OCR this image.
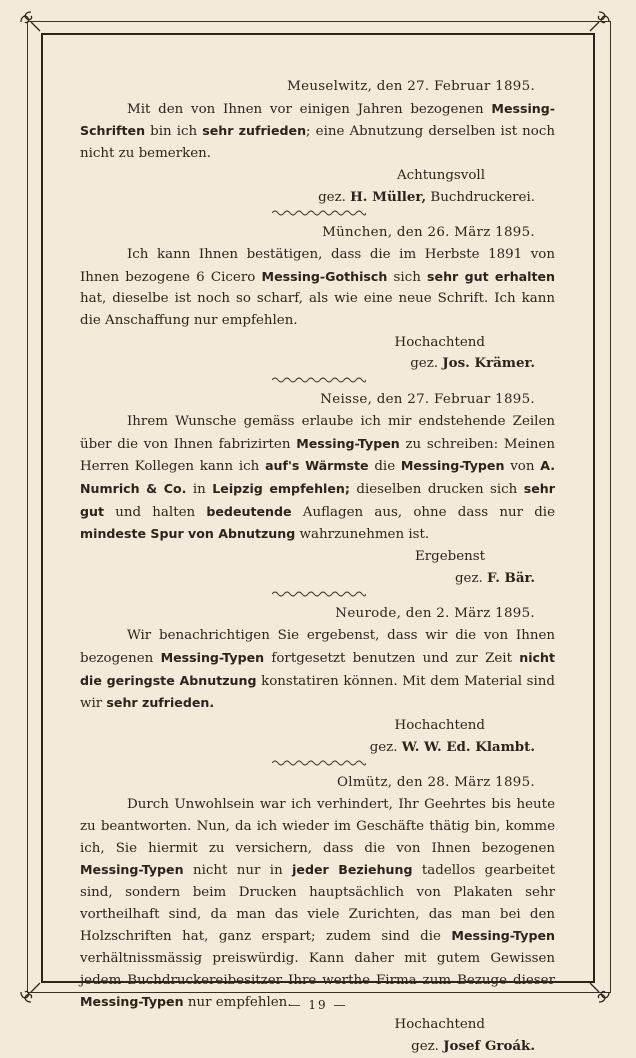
Meuselwitz, den 27. Februar 1895.
Mit den von Ihnen vor einigen Jahren bezogenen Messing-Schriften bin ich sehr zufrieden; eine Abnutzung derselben ist noch nicht zu bemerken.
Achtungsvoll
gez. H. Müller, Buchdruckerei.
München, den 26. März 1895.
Ich kann Ihnen bestätigen, dass die im Herbste 1891 von Ihnen bezogene 6 Cicero Messing-Gothisch sich sehr gut erhalten hat, dieselbe ist noch so scharf, als wie eine neue Schrift. Ich kann die Anschaffung nur empfehlen.
Hochachtend
gez. Jos. Krämer.
Neisse, den 27. Februar 1895.
Ihrem Wunsche gemäss erlaube ich mir endstehende Zeilen über die von Ihnen fabrizirten Messing-Typen zu schreiben: Meinen Herren Kollegen kann ich auf's Wärmste die Messing-Typen von A. Numrich & Co. in Leipzig empfehlen; dieselben drucken sich sehr gut und halten bedeutende Auflagen aus, ohne dass nur die mindeste Spur von Abnutzung wahrzunehmen ist.
Ergebenst
gez. F. Bär.
Neurode, den 2. März 1895.
Wir benachrichtigen Sie ergebenst, dass wir die von Ihnen bezogenen Messing-Typen fortgesetzt benutzen und zur Zeit nicht die geringste Abnutzung konstatiren können. Mit dem Material sind wir sehr zufrieden.
Hochachtend
gez. W. W. Ed. Klambt.
Olmütz, den 28. März 1895.
Durch Unwohlsein war ich verhindert, Ihr Geehrtes bis heute zu beantworten. Nun, da ich wieder im Geschäfte thätig bin, komme ich, Sie hiermit zu versichern, dass die von Ihnen bezogenen Messing-Typen nicht nur in jeder Beziehung tadellos gearbeitet sind, sondern beim Drucken hauptsächlich von Plakaten sehr vortheilhaft sind, da man das viele Zurichten, das man bei den Holzschriften hat, ganz erspart; zudem sind die Messing-Typen verhältnissmässig preiswürdig. Kann daher mit gutem Gewissen jedem Buchdruckereibesitzer Ihre werthe Firma zum Bezuge dieser Messing-Typen nur empfehlen.
Hochachtend
gez. Josef Groák.
— 19 —
